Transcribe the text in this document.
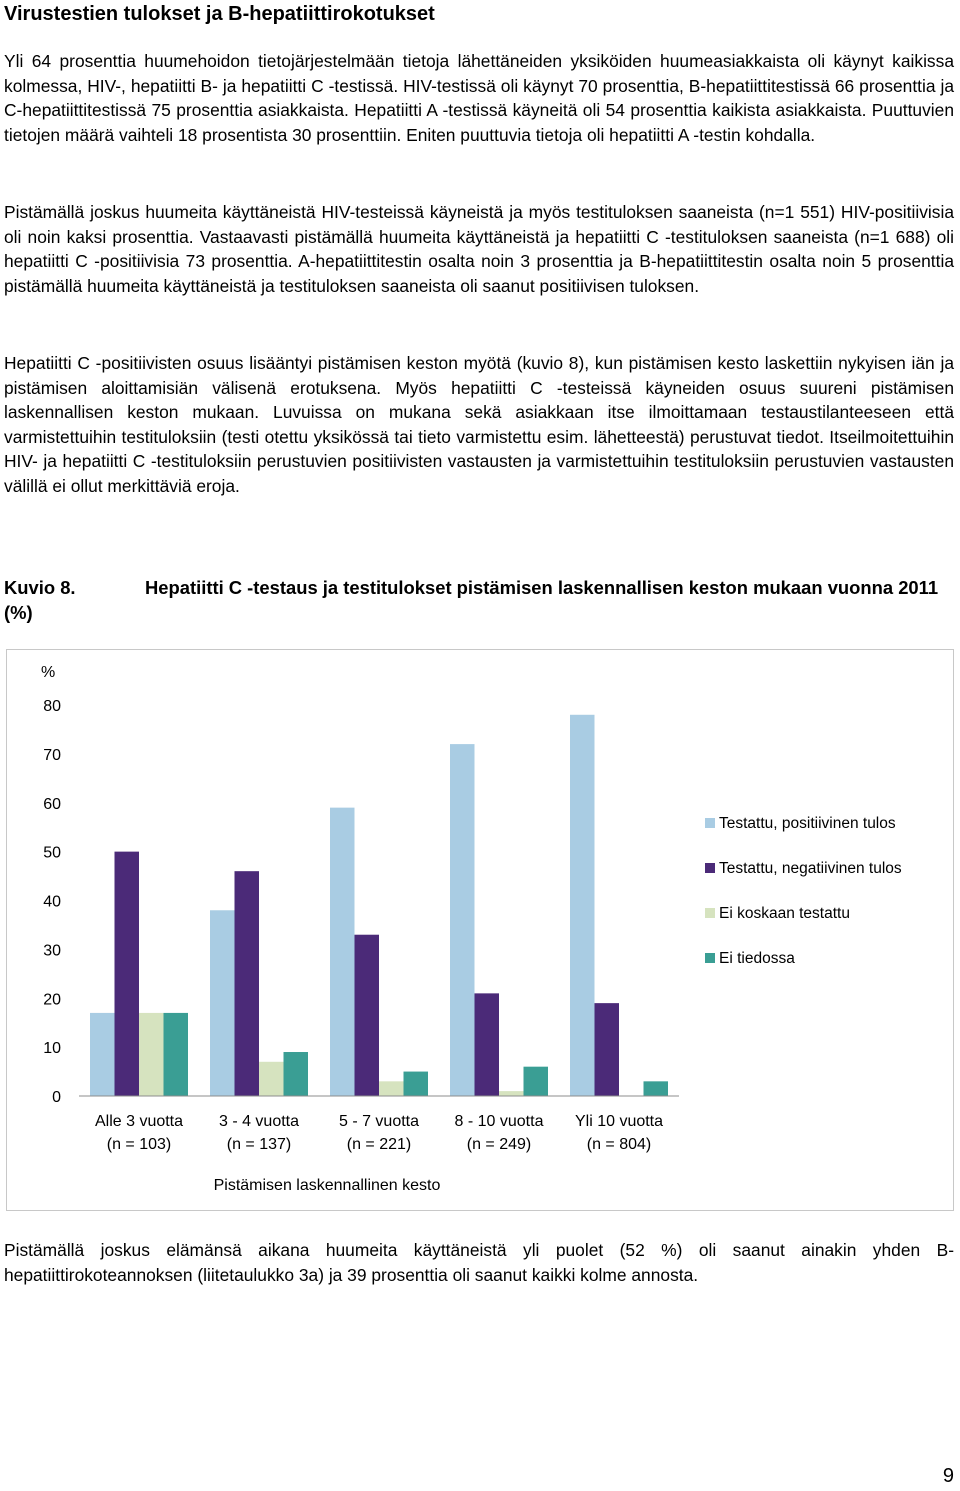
Virustestien tulokset ja B-hepatiittirokotukset

Yli 64 prosenttia huumehoidon tietojärjestelmään tietoja lähettäneiden yksiköiden huumeasiakkaista oli käynyt kaikissa kolmessa, HIV-, hepatiitti B- ja hepatiitti C -testissä. HIV-testissä oli käynyt 70 prosenttia, B-hepatiittitestissä 66 prosenttia ja C-hepatiittitestissä 75 prosenttia asiakkaista. Hepatiitti A -testissä käyneitä oli 54 prosenttia kaikista asiakkaista. Puuttuvien tietojen määrä vaihteli 18 prosentista 30 prosenttiin. Eniten puuttuvia tietoja oli hepatiitti A -testin kohdalla.

Pistämällä joskus huumeita käyttäneistä HIV-testeissä käyneistä ja myös testituloksen saaneista (n=1 551) HIV-positiivisia oli noin kaksi prosenttia. Vastaavasti pistämällä huumeita käyttäneistä ja hepatiitti C -testituloksen saaneista (n=1 688) oli hepatiitti C -positiivisia 73 prosenttia. A-hepatiittitestin osalta noin 3 prosenttia ja B-hepatiittitestin osalta noin 5 prosenttia pistämällä huumeita käyttäneistä ja testituloksen saaneista oli saanut positiivisen tuloksen.

Hepatiitti C -positiivisten osuus lisääntyi pistämisen keston myötä (kuvio 8), kun pistämisen kesto laskettiin nykyisen iän ja pistämisen aloittamisiän välisenä erotuksena. Myös hepatiitti C -testeissä käyneiden osuus suureni pistämisen laskennallisen keston mukaan. Luvuissa on mukana sekä asiakkaan itse ilmoittamaan testaustilanteeseen että varmistettuihin testituloksiin (testi otettu yksikössä tai tieto varmistettu esim. lähetteestä) perustuvat tiedot. Itseilmoitettuihin HIV- ja hepatiitti C -testituloksiin perustuvien positiivisten vastausten ja varmistettuihin testituloksiin perustuvien vastausten välillä ei ollut merkittäviä eroja.

Kuvio 8.	Hepatiitti C -testaus ja testitulokset pistämisen laskennallisen keston mukaan vuonna 2011 (%)

0
10
20
30
40
50
60
70
80
%
Alle 3 vuotta
(n = 103)
3 - 4 vuotta
(n = 137)
5 - 7 vuotta
(n = 221)
8 - 10 vuotta
(n = 249)
Yli 10 vuotta
(n = 804)
Pistämisen laskennallinen kesto
Testattu, positiivinen tulos
Testattu, negatiivinen tulos
Ei koskaan testattu
Ei tiedossa

Pistämällä joskus elämänsä aikana huumeita käyttäneistä yli puolet (52 %) oli saanut ainakin yhden B-hepatiittirokoteannoksen (liitetaulukko 3a) ja 39 prosenttia oli saanut kaikki kolme annosta.

9
